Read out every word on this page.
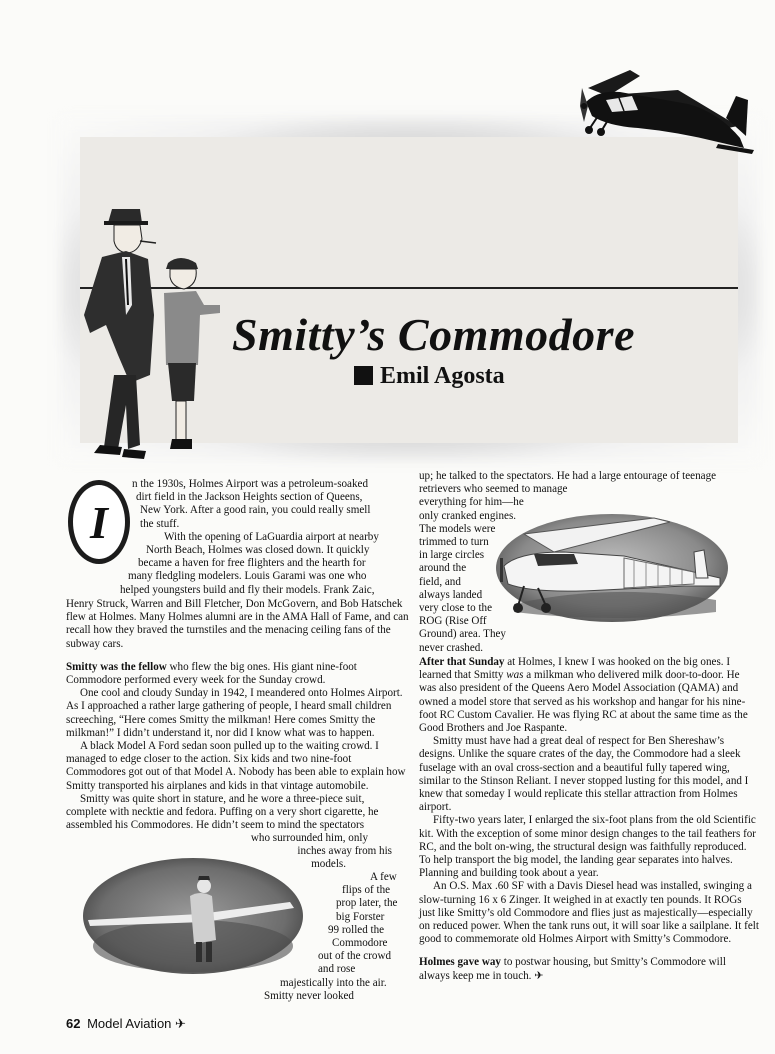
Smitty’s Commodore
Emil Agosta
I

n the 1930s, Holmes Airport was a petroleum-soaked

dirt field in the Jackson Heights section of Queens,

New York. After a good rain, you could really smell

the stuff.

With the opening of LaGuardia airport at nearby

North Beach, Holmes was closed down. It quickly

became a haven for free flighters and the hearth for

many fledgling modelers. Louis Garami was one who

helped youngsters build and fly their models. Frank Zaic,

Henry Struck, Warren and Bill Fletcher, Don McGovern, and Bob Hatschek flew at Holmes. Many Holmes alumni are in the AMA Hall of Fame, and can recall how they braved the turnstiles and the menacing ceiling fans of the subway cars.

Smitty was the fellow who flew the big ones. His giant nine-foot Commodore performed every week for the Sunday crowd.

One cool and cloudy Sunday in 1942, I meandered onto Holmes Airport. As I approached a rather large gathering of people, I heard small children screeching, “Here comes Smitty the milkman! Here comes Smitty the milkman!” I didn’t understand it, nor did I know what was to happen.

A black Model A Ford sedan soon pulled up to the waiting crowd. I managed to edge closer to the action. Six kids and two nine-foot Commodores got out of that Model A. Nobody has been able to explain how Smitty transported his airplanes and kids in that vintage automobile.

Smitty was quite short in stature, and he wore a three-piece suit,

complete with necktie and fedora. Puffing on a very short cigarette, he

assembled his Commodores. He didn’t seem to mind the spectators

who surrounded him, only

inches away from his

models.

A few

flips of the

prop later, the

big Forster

99 rolled the

Commodore

out of the crowd

and rose

majestically into the air.

Smitty never looked

up; he talked to the spectators. He had a large entourage of teenage

retrievers who seemed to manage

everything for him—he

only cranked engines.

The models were

trimmed to turn

in large circles

around the

field, and

always landed

very close to the

ROG (Rise Off

Ground) area. They

never crashed.

After that Sunday at Holmes, I knew I was hooked on the big ones. I learned that Smitty was a milkman who delivered milk door-to-door. He was also president of the Queens Aero Model Association (QAMA) and owned a model store that served as his workshop and hangar for his nine-foot RC Custom Cavalier. He was flying RC at about the same time as the Good Brothers and Joe Raspante.

Smitty must have had a great deal of respect for Ben Shereshaw’s designs. Unlike the square crates of the day, the Commodore had a sleek fuselage with an oval cross-section and a beautiful fully tapered wing, similar to the Stinson Reliant. I never stopped lusting for this model, and I knew that someday I would replicate this stellar attraction from Holmes airport.

Fifty-two years later, I enlarged the six-foot plans from the old Scientific kit. With the exception of some minor design changes to the tail feathers for RC, and the bolt on-wing, the structural design was faithfully reproduced. To help transport the big model, the landing gear separates into halves. Planning and building took about a year.

An O.S. Max .60 SF with a Davis Diesel head was installed, swinging a slow-turning 16 x 6 Zinger. It weighed in at exactly ten pounds. It ROGs just like Smitty’s old Commodore and flies just as majestically—especially on reduced power. When the tank runs out, it will soar like a sailplane. It felt good to commemorate old Holmes Airport with Smitty’s Commodore.

Holmes gave way to postwar housing, but Smitty’s Commodore will always keep me in touch. ✈

62 Model Aviation ✈
